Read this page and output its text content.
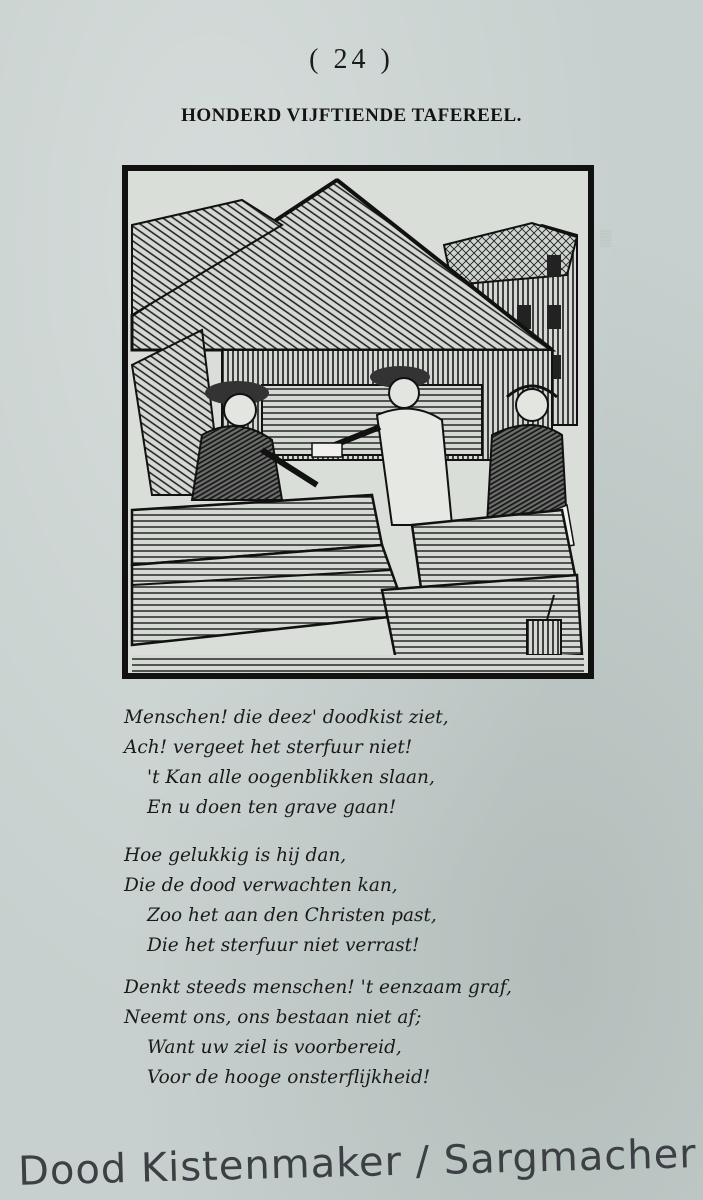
▒
( 24 )
HONDERD VIJFTIENDE TAFEREEL.
Menschen! die deez' doodkist ziet,
Ach! vergeet het sterfuur niet!
't Kan alle oogenblikken slaan,
En u doen ten grave gaan!
Hoe gelukkig is hij dan,
Die de dood verwachten kan,
Zoo het aan den Christen past,
Die het sterfuur niet verrast!
Denkt steeds menschen! 't eenzaam graf,
Neemt ons, ons bestaan niet af;
Want uw ziel is voorbereid,
Voor de hooge onsterflijkheid!
Dood Kistenmaker / Sargmacher
